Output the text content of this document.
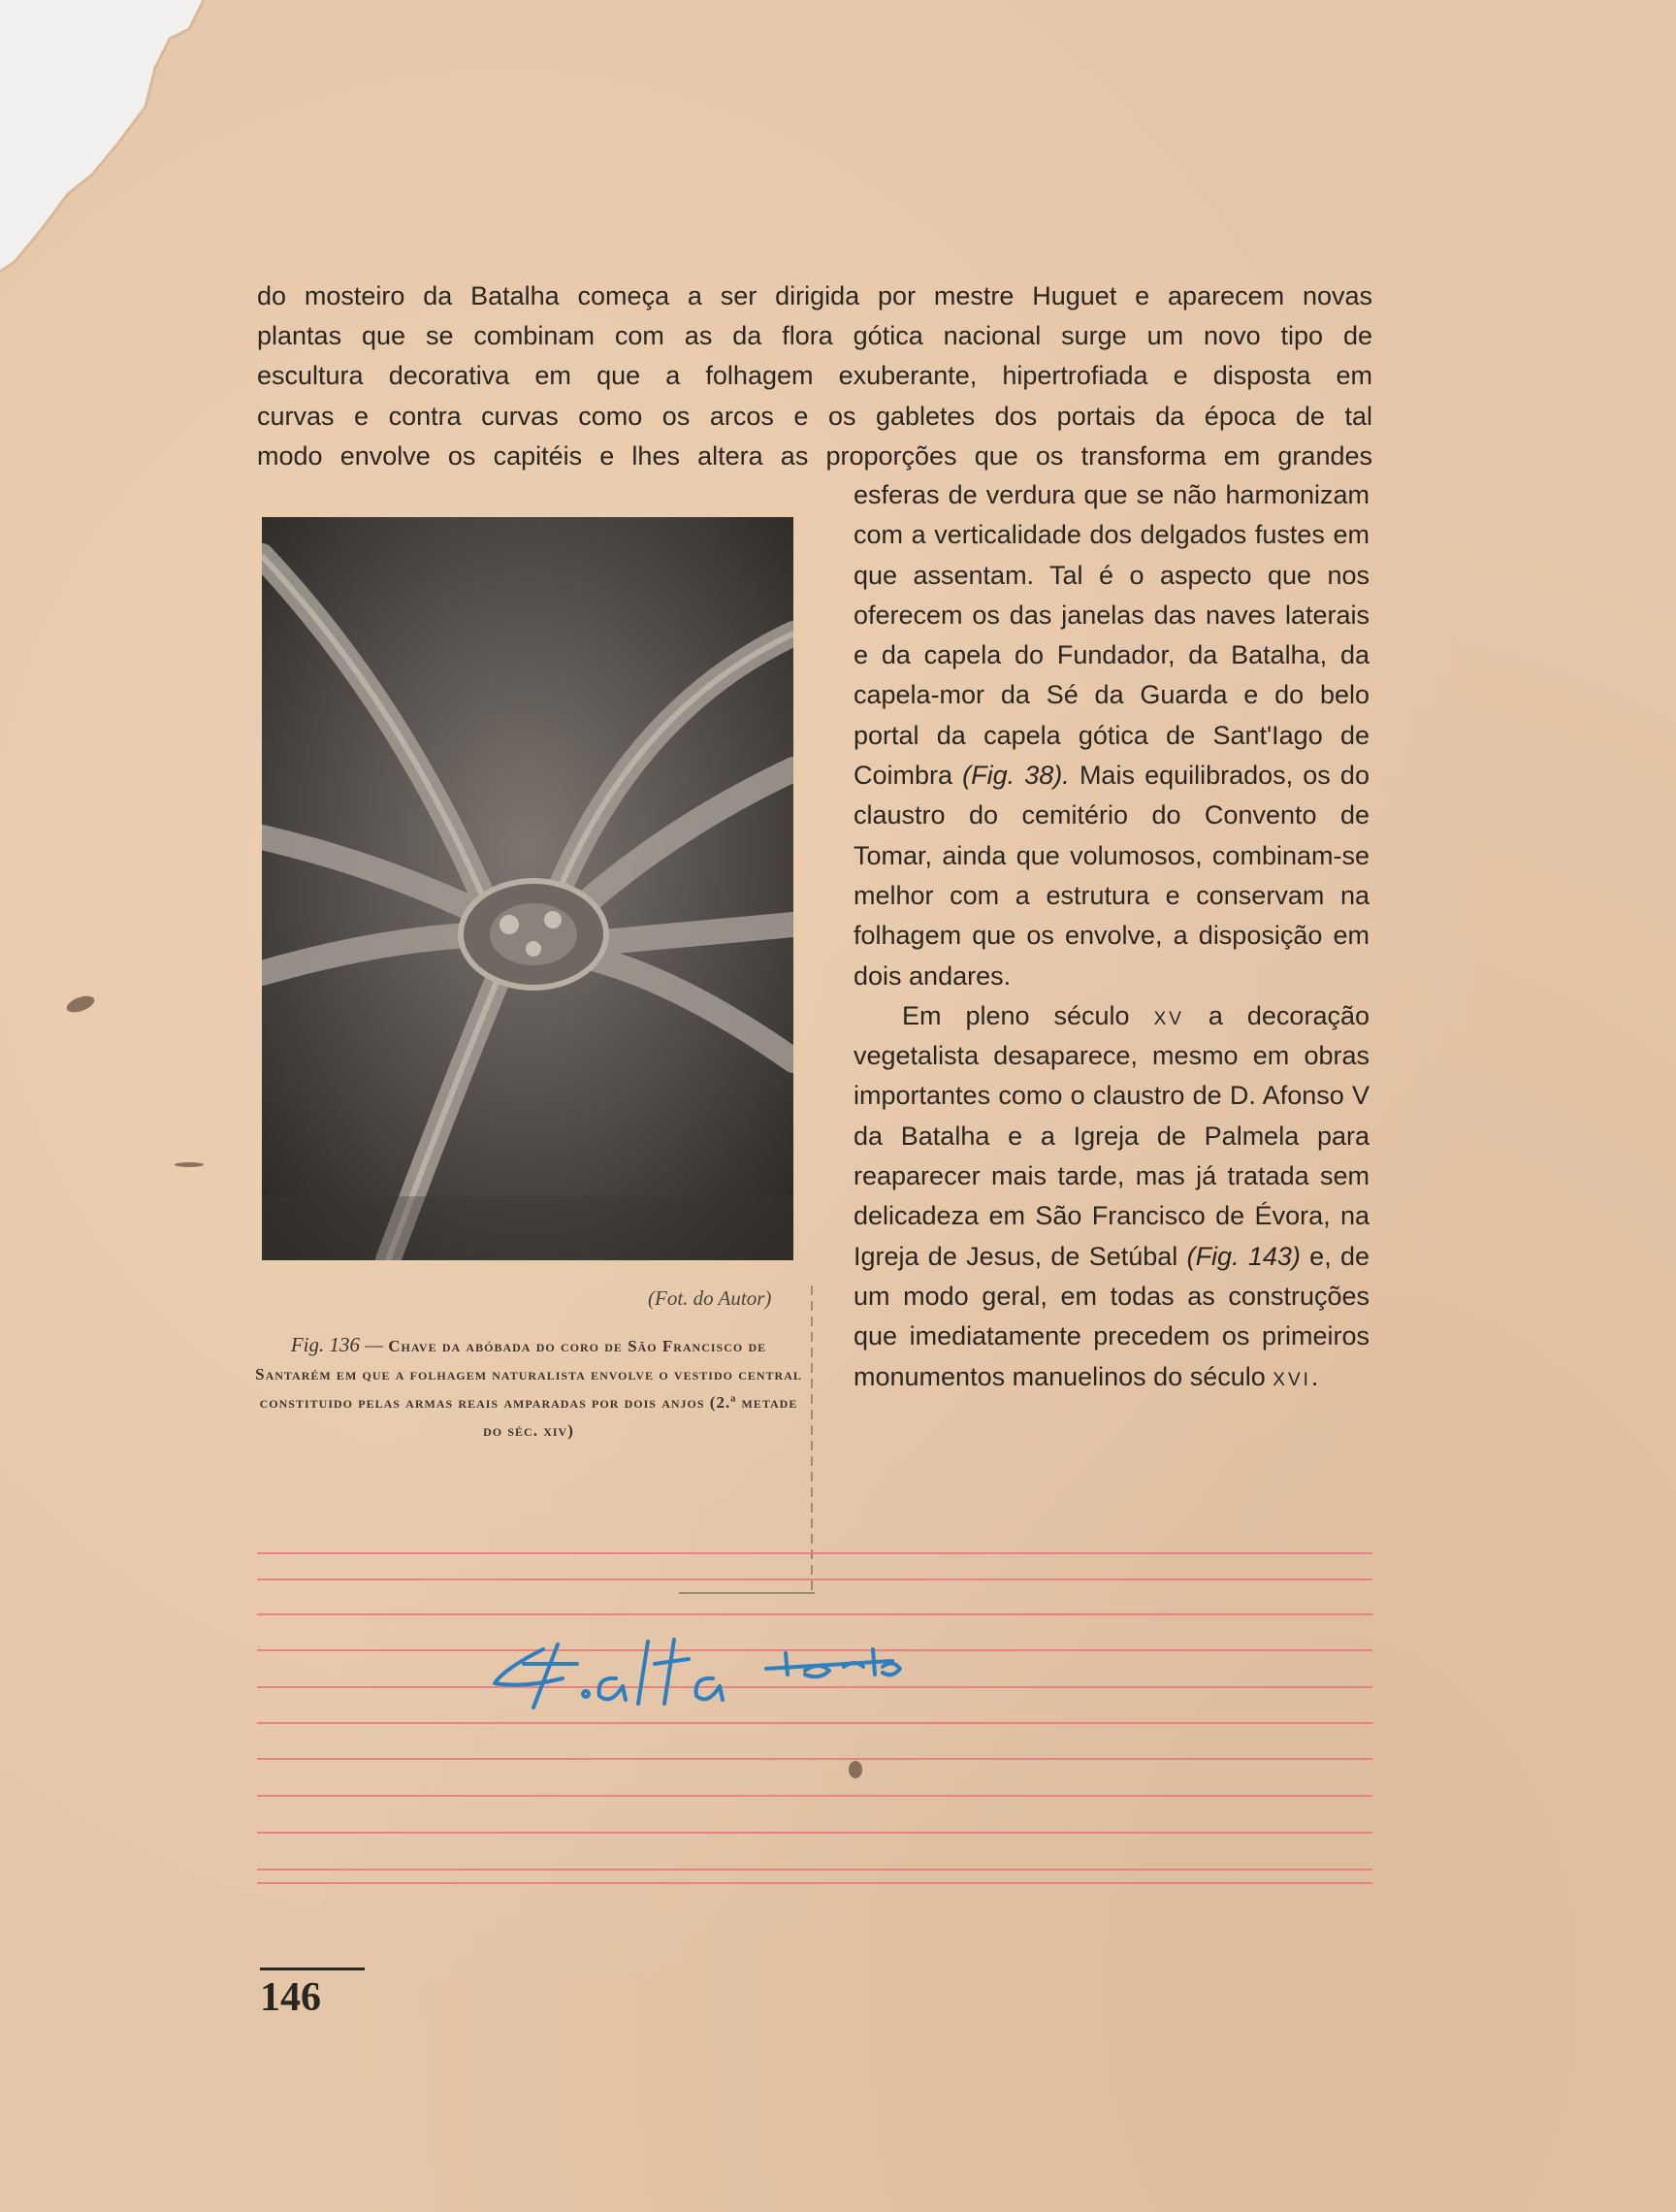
do mosteiro da Batalha começa a ser dirigida por mestre Huguet e aparecem novas
plantas que se combinam com as da flora gótica nacional surge um novo tipo de
escultura decorativa em que a folhagem exuberante, hipertrofiada e disposta em
curvas e contra curvas como os arcos e os gabletes dos portais da época de tal
modo envolve os capitéis e lhes altera as proporções que os transforma em grandes

esferas de verdura que se não harmonizam com a verticalidade dos delgados fustes em que assentam. Tal é o aspecto que nos oferecem os das janelas das naves laterais e da capela do Fundador, da Batalha, da capela-mor da Sé da Guarda e do belo portal da capela gótica de Sant'Iago de Coimbra (Fig. 38). Mais equilibrados, os do claustro do cemitério do Convento de Tomar, ainda que volumosos, combinam-se melhor com a estrutura e conservam na folhagem que os envolve, a disposição em dois andares.

Em pleno século xv a decoração vegetalista desaparece, mesmo em obras importantes como o claustro de D. Afonso V da Batalha e a Igreja de Palmela para reaparecer mais tarde, mas já tratada sem delicadeza em São Francisco de Évora, na Igreja de Jesus, de Setúbal (Fig. 143) e, de um modo geral, em todas as construções que imediatamente precedem os primeiros monumentos manuelinos do século xvi.

(Fot. do Autor)
Fig. 136 — Chave da abóbada do coro de São Francisco de Santarém em que a folhagem naturalista envolve o vestido central constituido pelas armas reais amparadas por dois anjos (2.ª metade do séc. xiv)
146
